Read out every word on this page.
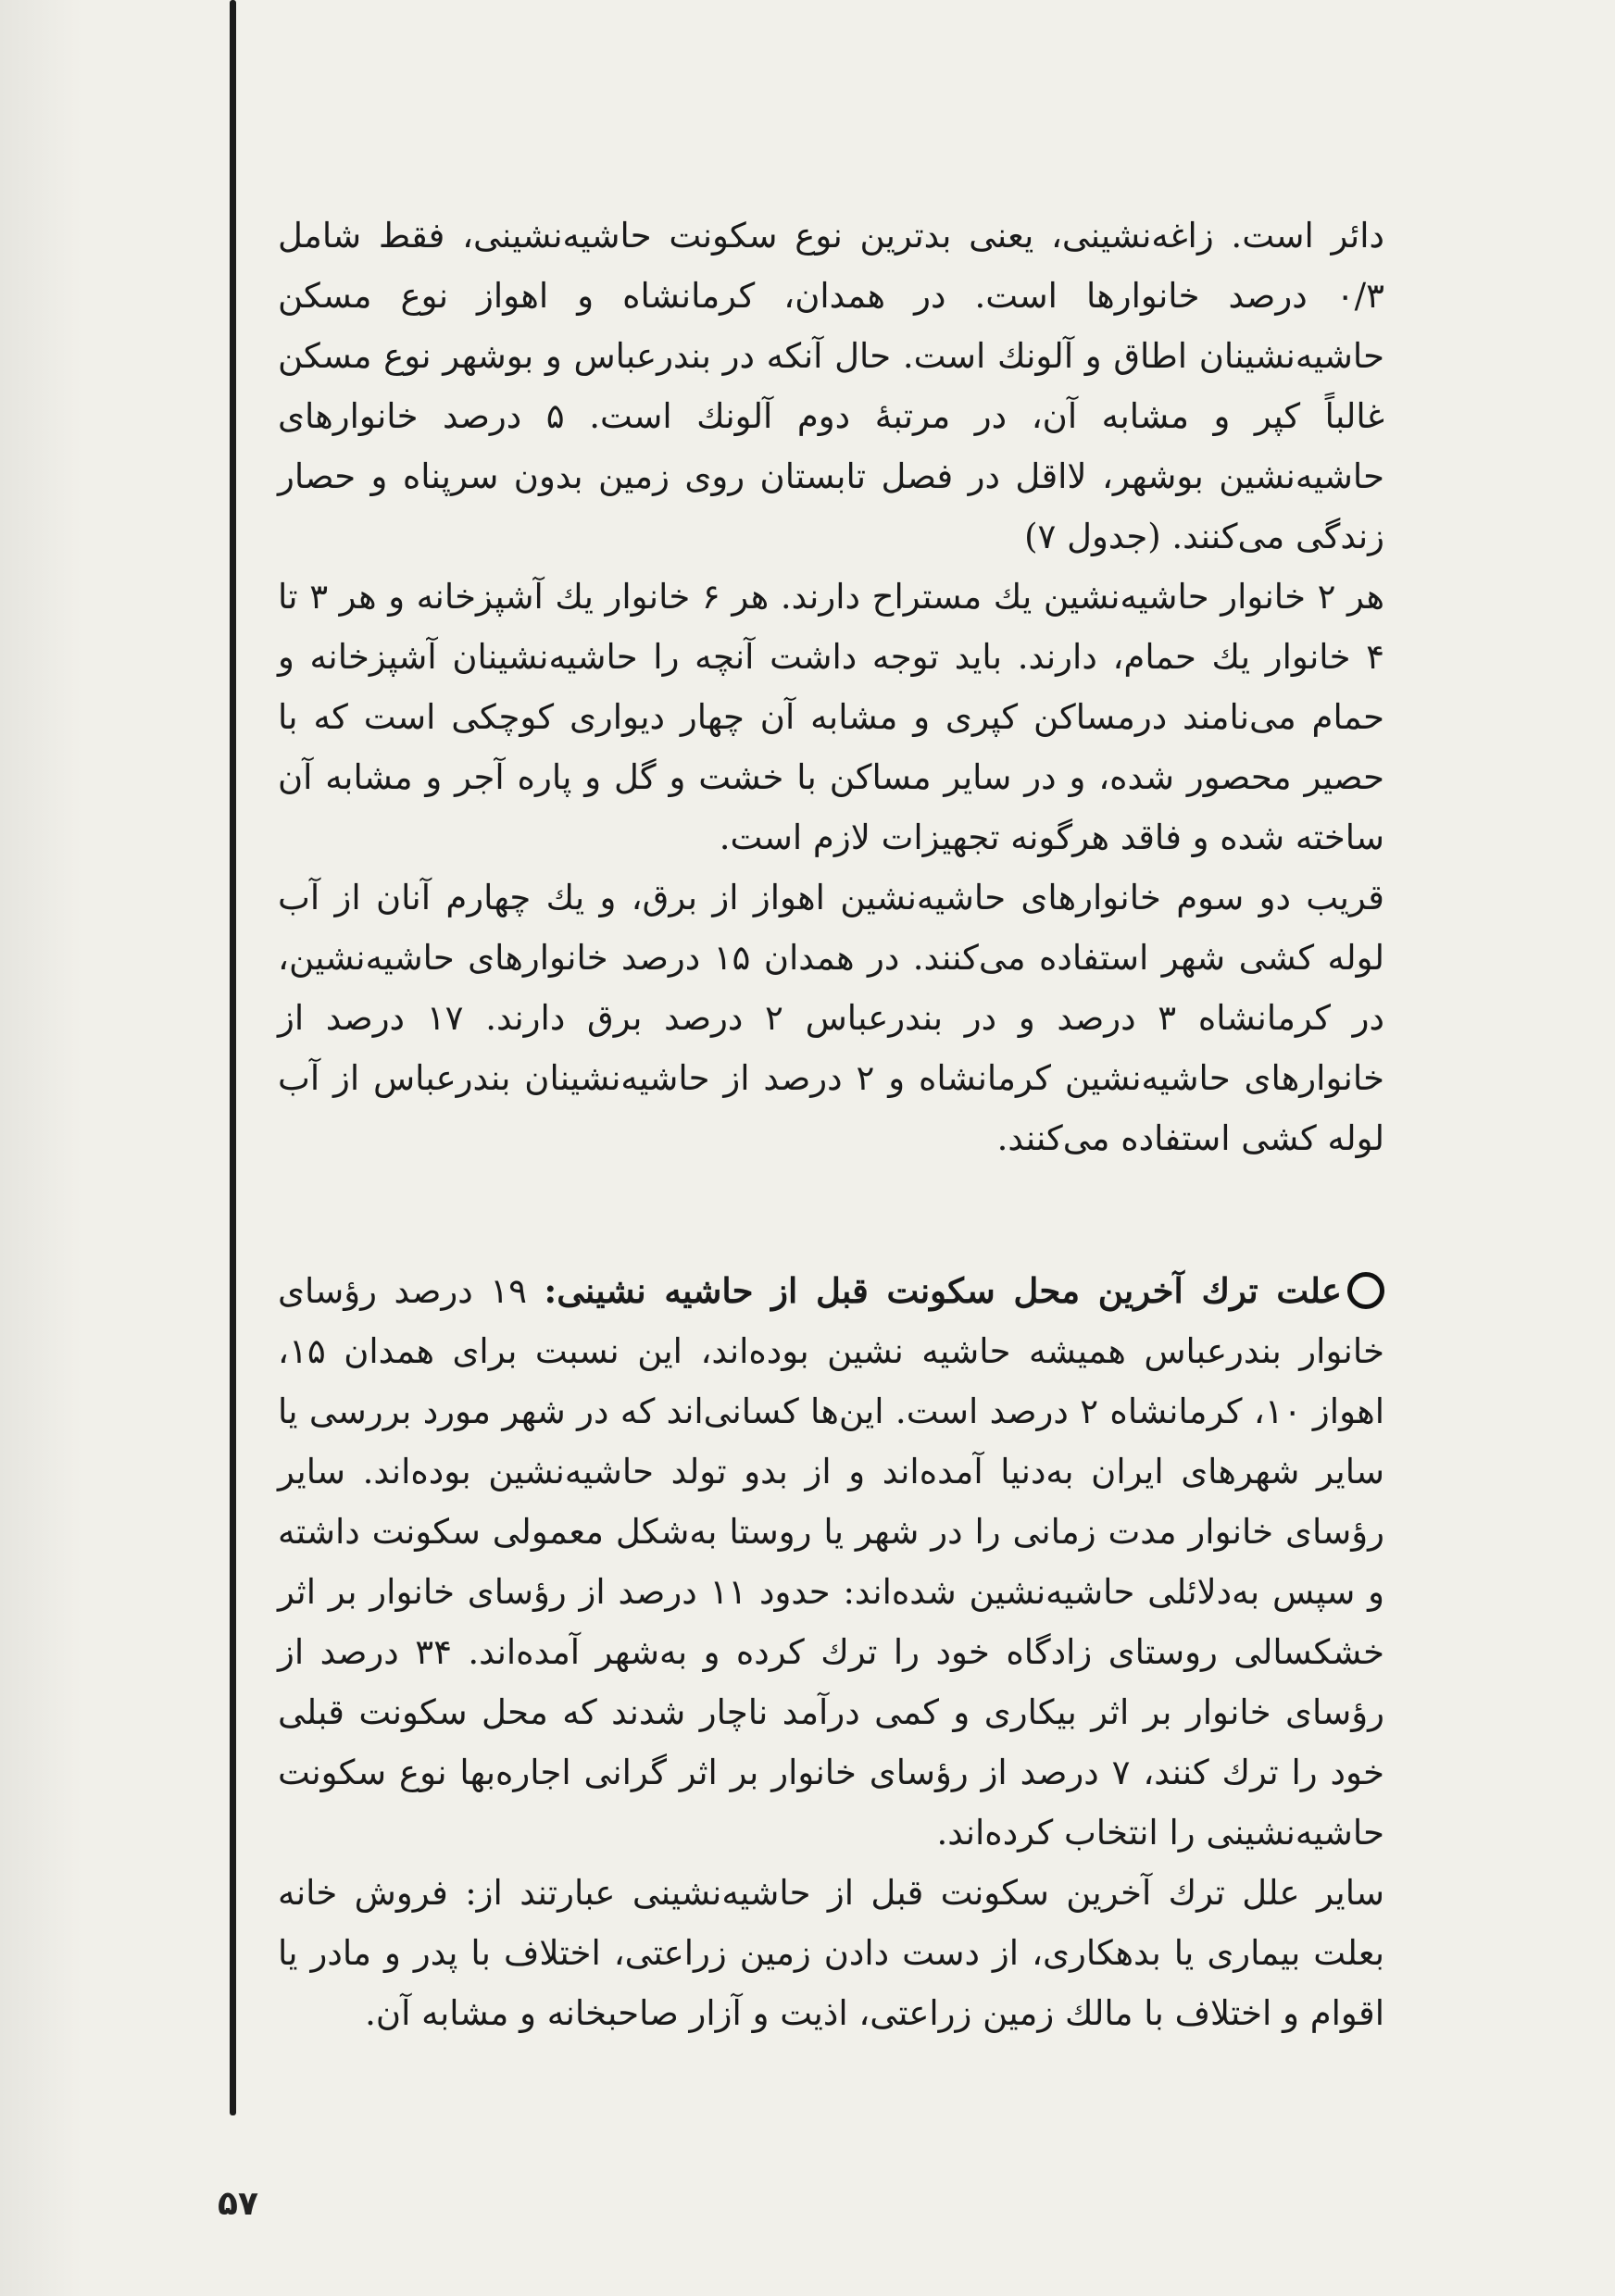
دائر است. زاغه‌نشینی، یعنی بدترین نوع سکونت حاشیه‌نشینی، فقط شامل ۰/۳ درصد خانوارها است. در همدان، کرمانشاه و اهواز نوع مسکن حاشیه‌نشینان اطاق و آلونك است. حال آنکه در بندرعباس و بوشهر نوع مسکن غالباً کپر و مشابه آن، در مرتبهٔ دوم آلونك است. ۵ درصد خانوارهای حاشیه‌نشین بوشهر، لااقل در فصل تابستان روی زمین بدون سرپناه و حصار زندگی می‌کنند. (جدول ۷)

هر ۲ خانوار حاشیه‌نشین یك مستراح دارند. هر ۶ خانوار یك آشپزخانه و هر ۳ تا ۴ خانوار یك حمام، دارند. باید توجه داشت آنچه را حاشیه‌نشینان آشپزخانه و حمام می‌نامند درمساکن کپری و مشابه آن چهار دیواری کوچکی است که با حصیر محصور شده، و در سایر مساکن با خشت و گل و پاره آجر و مشابه آن ساخته شده و فاقد هرگونه تجهیزات لازم است.

قریب دو سوم خانوارهای حاشیه‌نشین اهواز از برق، و یك چهارم آنان از آب لوله کشی شهر استفاده می‌کنند. در همدان ۱۵ درصد خانوارهای حاشیه‌نشین، در کرمانشاه ۳ درصد و در بندرعباس ۲ درصد برق دارند. ۱۷ درصد از خانوارهای حاشیه‌نشین کرمانشاه و ۲ درصد از حاشیه‌نشینان بندرعباس از آب لوله کشی استفاده می‌کنند.

علت ترك آخرین محل سکونت قبل از حاشیه نشینی: ۱۹ درصد رؤسای خانوار بندرعباس همیشه حاشیه نشین بوده‌اند، این نسبت برای همدان ۱۵، اهواز ۱۰، کرمانشاه ۲ درصد است. این‌ها کسانی‌اند که در شهر مورد بررسی یا سایر شهرهای ایران به‌دنیا آمده‌اند و از بدو تولد حاشیه‌نشین بوده‌اند. سایر رؤسای خانوار مدت زمانی را در شهر یا روستا به‌شکل معمولی سکونت داشته و سپس به‌دلائلی حاشیه‌نشین شده‌اند: حدود ۱۱ درصد از رؤسای خانوار بر اثر خشکسالی روستای زادگاه خود را ترك کرده و به‌شهر آمده‌اند. ۳۴ درصد از رؤسای خانوار بر اثر بیکاری و کمی درآمد ناچار شدند که محل سکونت قبلی خود را ترك کنند، ۷ درصد از رؤسای خانوار بر اثر گرانی اجاره‌بها نوع سکونت حاشیه‌نشینی را انتخاب کرده‌اند.

سایر علل ترك آخرین سکونت قبل از حاشیه‌نشینی عبارتند از: فروش خانه بعلت بیماری یا بدهکاری، از دست دادن زمین زراعتی، اختلاف با پدر و مادر یا اقوام و اختلاف با مالك زمین زراعتی، اذیت و آزار صاحبخانه و مشابه آن.

۵۷
